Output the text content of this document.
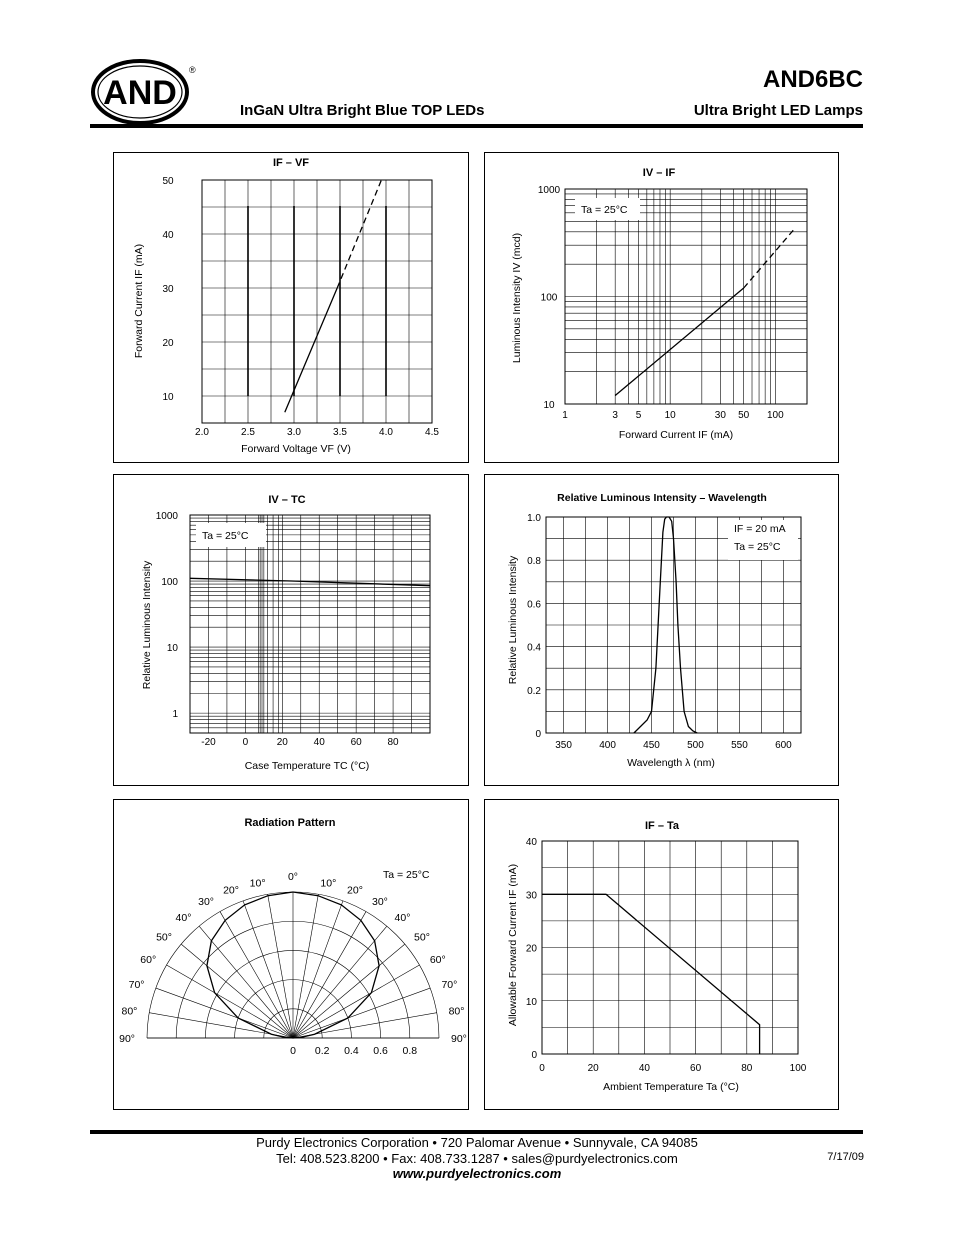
AND
®	AND6BC
InGaN Ultra Bright Blue TOP LEDs	Ultra Bright LED Lamps
2.0	2.5	3.0	3.5	4.0	4.5
10
20
30
40
50
IF – VF
Forward Voltage VF (V)
Forward Current IF (mA)
1	3 5 10	30 50 100
10
100
1000
IV – IF
Forward Current IF (mA)
Luminous Intensity IV (mcd)
Ta = 25°C
-20	0	20	40	60	80
1
10
100
1000
IV – TC
Case Temperature TC (°C)
Relative Luminous Intensity
Ta = 25°C
350	400	450	500	550	600
0
0.2
0.4
0.6
0.8
1.0
Relative Luminous Intensity – Wavelength
Wavelength λ (nm)
Relative Luminous Intensity
IF = 20 mA
Ta = 25°C
10°
20°
30°
40°
50°
60°
70°
80°
90°
10°
20°
30°
40°
50°
60°
70°
80°
90°
0°
0 0.2 0.4 0.6 0.8
Radiation Pattern
Ta = 25°C
0	20	40	60	80	100
0
10
20
30
40
IF – Ta
Ambient Temperature Ta (°C)
Allowable Forward Current IF (mA)
Purdy Electronics Corporation • 720 Palomar Avenue • Sunnyvale, CA 94085
Tel: 408.523.8200 • Fax: 408.733.1287 • sales@purdyelectronics.com
www.purdyelectronics.com
7/17/09
